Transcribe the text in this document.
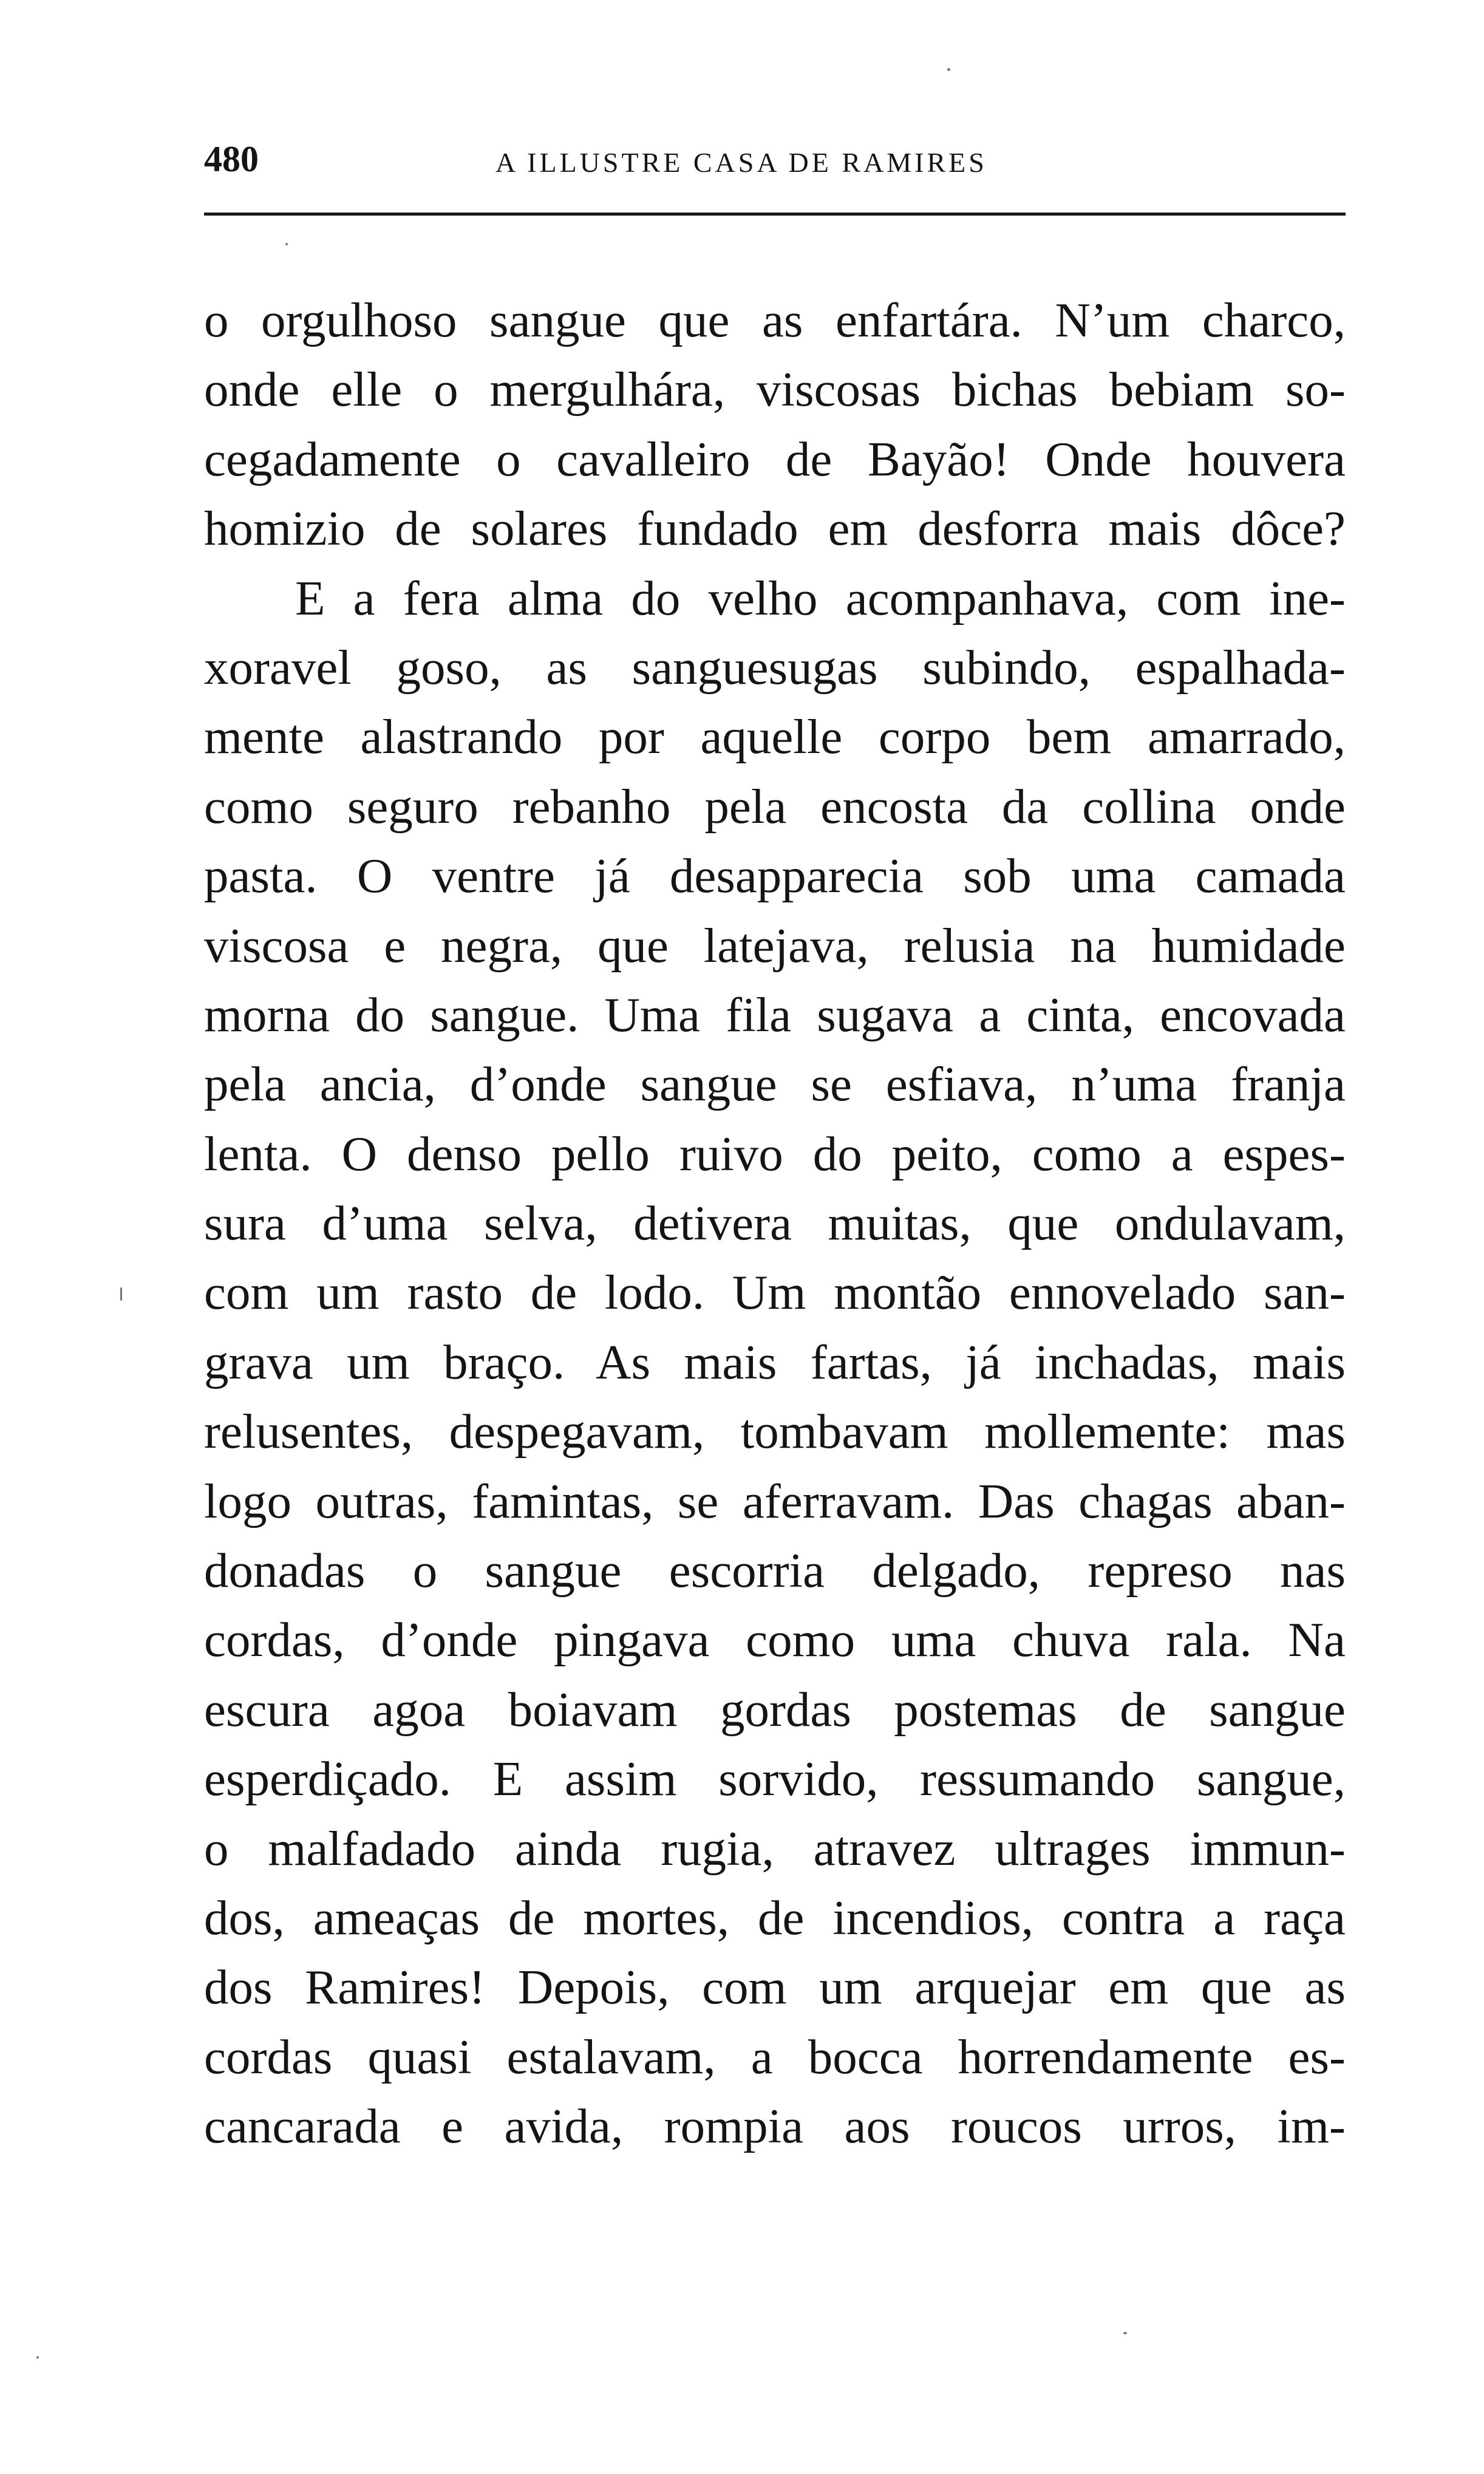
480	A ILLUSTRE CASA DE RAMIRES
o orgulhoso sangue que as enfartára. N’um charco,
onde elle o mergulhára, viscosas bichas bebiam so-
cegadamente o cavalleiro de Bayão! Onde houvera
homizio de solares fundado em desforra mais dôce?
E a fera alma do velho acompanhava, com ine-
xoravel goso, as sanguesugas subindo, espalhada-
mente alastrando por aquelle corpo bem amarrado,
como seguro rebanho pela encosta da collina onde
pasta. O ventre já desapparecia sob uma camada
viscosa e negra, que latejava, relusia na humidade
morna do sangue. Uma fila sugava a cinta, encovada
pela ancia, d’onde sangue se esfiava, n’uma franja
lenta. O denso pello ruivo do peito, como a espes-
sura d’uma selva, detivera muitas, que ondulavam,
com um rasto de lodo. Um montão ennovelado san-
grava um braço. As mais fartas, já inchadas, mais
relusentes, despegavam, tombavam mollemente: mas
logo outras, famintas, se aferravam. Das chagas aban-
donadas o sangue escorria delgado, represo nas
cordas, d’onde pingava como uma chuva rala. Na
escura agoa boiavam gordas postemas de sangue
esperdiçado. E assim sorvido, ressumando sangue,
o malfadado ainda rugia, atravez ultrages immun-
dos, ameaças de mortes, de incendios, contra a raça
dos Ramires! Depois, com um arquejar em que as
cordas quasi estalavam, a bocca horrendamente es-
cancarada e avida, rompia aos roucos urros, im-
